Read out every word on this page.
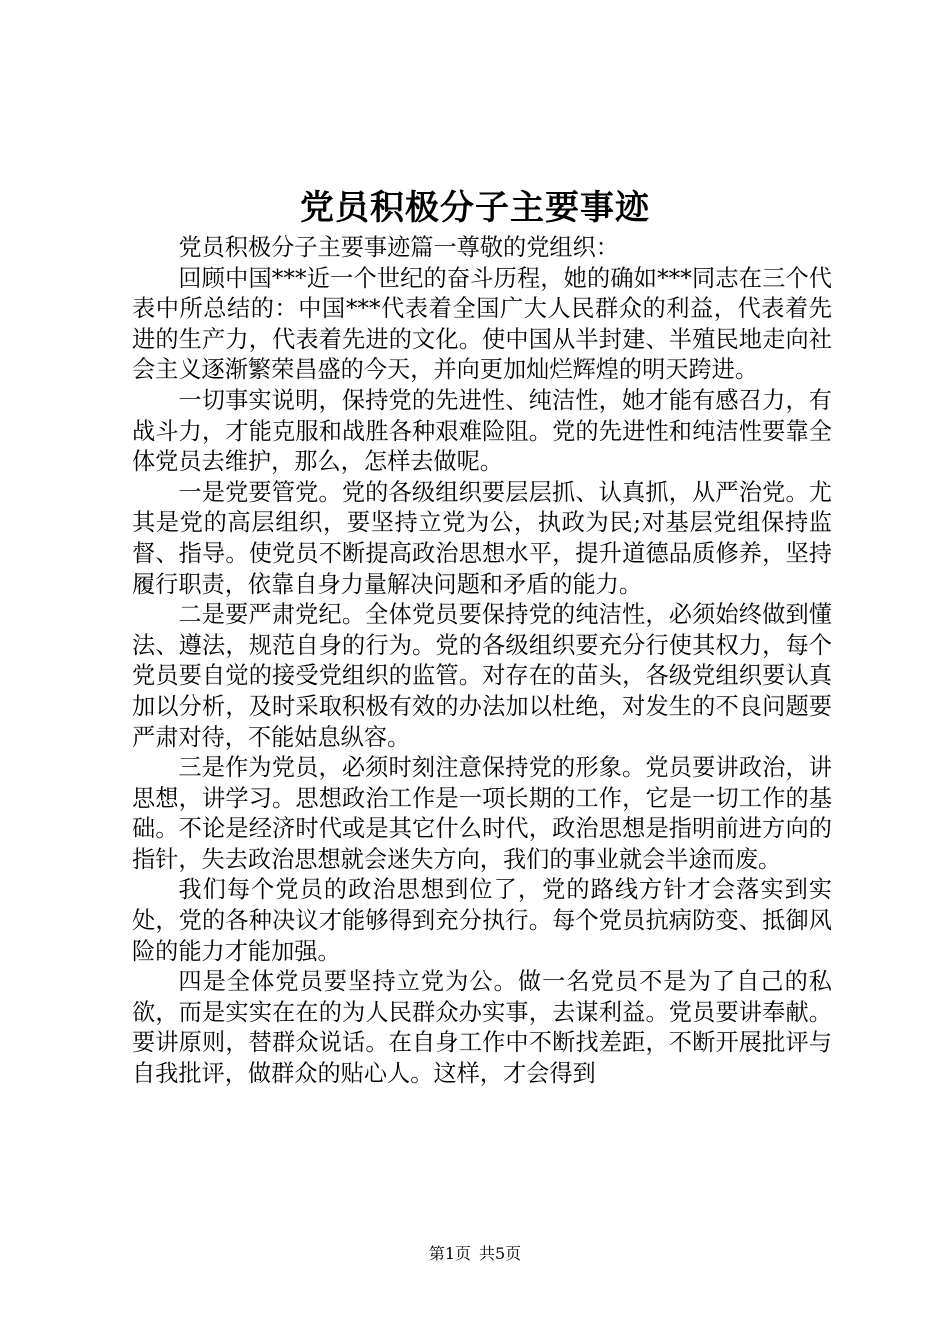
党员积极分子主要事迹

党员积极分子主要事迹篇一尊敬的党组织：

回顾中国***近一个世纪的奋斗历程，她的确如***同志在三个代表中所总结的：中国***代表着全国广大人民群众的利益，代表着先进的生产力，代表着先进的文化。使中国从半封建、半殖民地走向社会主义逐渐繁荣昌盛的今天，并向更加灿烂辉煌的明天跨进。

一切事实说明，保持党的先进性、纯洁性，她才能有感召力，有战斗力，才能克服和战胜各种艰难险阻。党的先进性和纯洁性要靠全体党员去维护，那么，怎样去做呢。

一是党要管党。党的各级组织要层层抓、认真抓，从严治党。尤其是党的高层组织，要坚持立党为公，执政为民;对基层党组保持监督、指导。使党员不断提高政治思想水平，提升道德品质修养，坚持履行职责，依靠自身力量解决问题和矛盾的能力。

二是要严肃党纪。全体党员要保持党的纯洁性，必须始终做到懂法、遵法，规范自身的行为。党的各级组织要充分行使其权力，每个党员要自觉的接受党组织的监管。对存在的苗头，各级党组织要认真加以分析，及时采取积极有效的办法加以杜绝，对发生的不良问题要严肃对待，不能姑息纵容。

三是作为党员，必须时刻注意保持党的形象。党员要讲政治，讲思想，讲学习。思想政治工作是一项长期的工作，它是一切工作的基础。不论是经济时代或是其它什么时代，政治思想是指明前进方向的指针，失去政治思想就会迷失方向，我们的事业就会半途而废。

我们每个党员的政治思想到位了，党的路线方针才会落实到实处，党的各种决议才能够得到充分执行。每个党员抗病防变、抵御风险的能力才能加强。

四是全体党员要坚持立党为公。做一名党员不是为了自己的私欲，而是实实在在的为人民群众办实事，去谋利益。党员要讲奉献。要讲原则，替群众说话。在自身工作中不断找差距，不断开展批评与自我批评，做群众的贴心人。这样，才会得到

第1页 共5页
